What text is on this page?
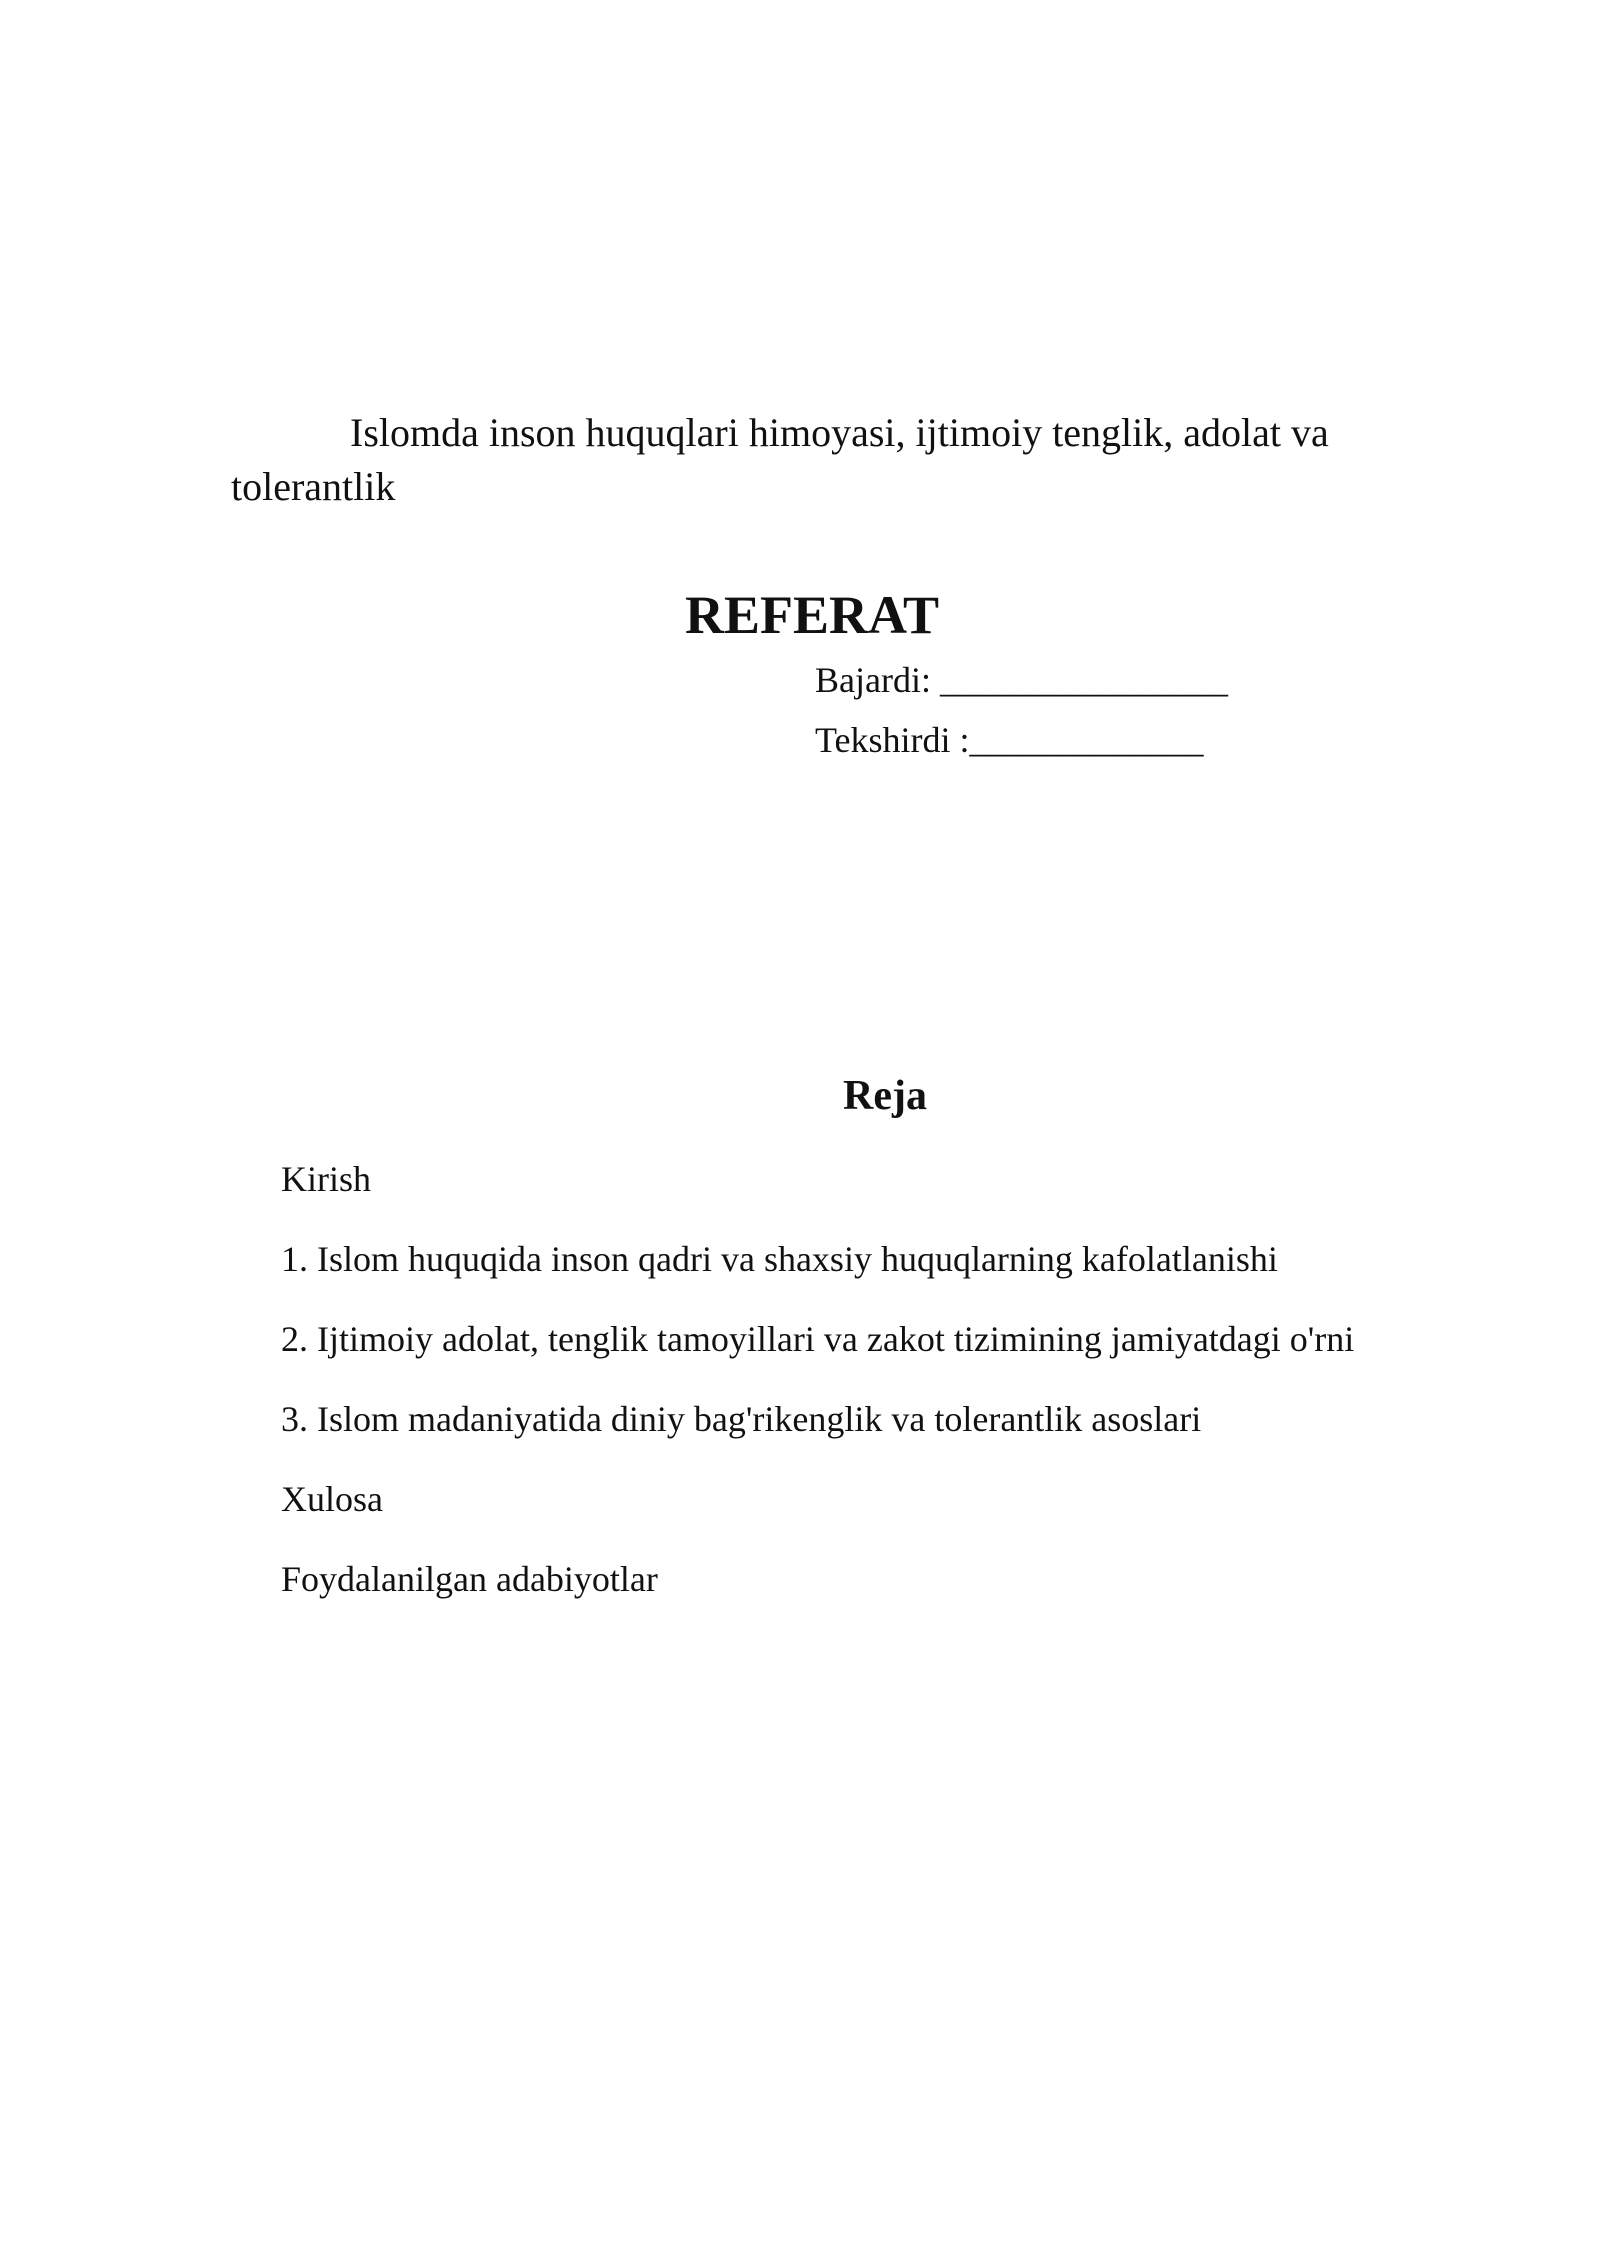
Islomda inson huquqlari himoyasi, ijtimoiy tenglik, adolat va
tolerantlik
REFERAT
Bajardi: ________________
Tekshirdi :_____________
Reja
Kirish
1. Islom huquqida inson qadri va shaxsiy huquqlarning kafolatlanishi
2. Ijtimoiy adolat, tenglik tamoyillari va zakot tizimining jamiyatdagi o'rni
3. Islom madaniyatida diniy bag'rikenglik va tolerantlik asoslari
Xulosa
Foydalanilgan adabiyotlar
